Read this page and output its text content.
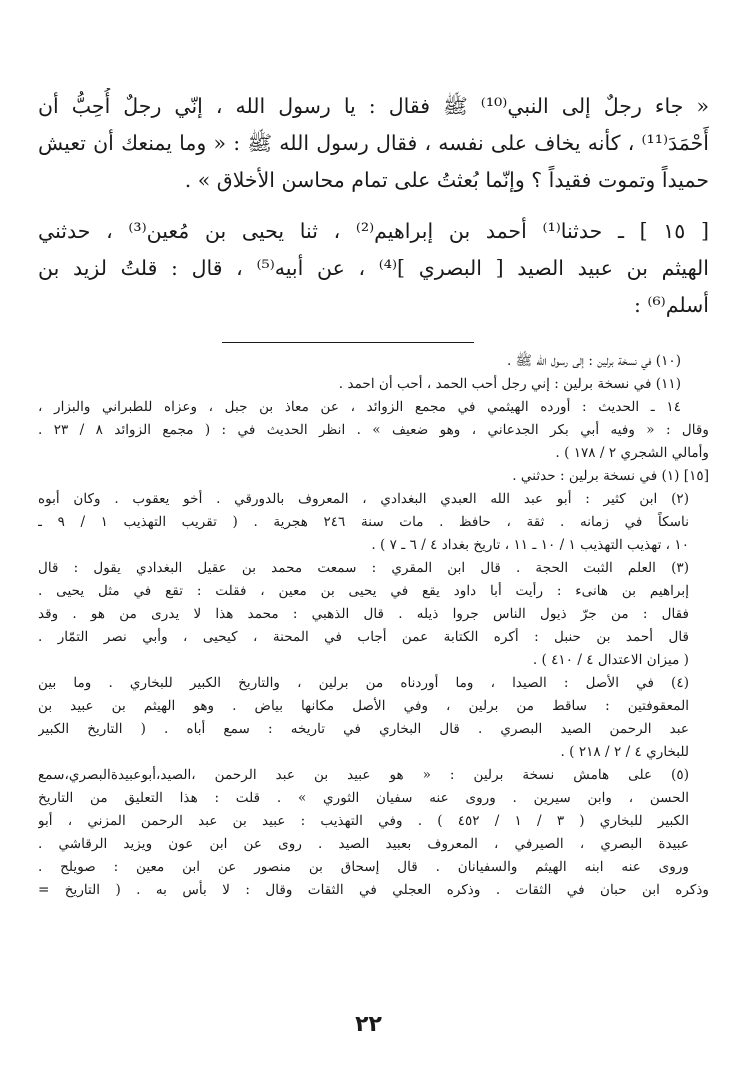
« جاء رجلٌ إلى النبي⁽¹⁰⁾ ﷺ فقال : يا رسول الله ، إنّي رجلٌ أُحِبُّ أن
أَحْمَدَ⁽¹¹⁾ ، كأنه يخاف على نفسه ، فقال رسول الله ﷺ : « وما يمنعك أن تعيش
حميداً وتموت فقيداً ؟ وإنّما بُعثتُ على تمام محاسن الأخلاق » .
[ ١٥ ] ـ حدثنا⁽¹⁾ أحمد بن إبراهيم⁽²⁾ ، ثنا يحيى بن مُعين⁽³⁾ ، حدثني
الهيثم بن عبيد الصيد [ البصري ]⁽⁴⁾ ، عن أبيه⁽⁵⁾ ، قال : قلتُ لزيد بن
أسلم⁽⁶⁾ :
(١٠) في نسخة برلين : إلى رسول الله ﷺ .
(١١) في نسخة برلين : إني رجل أحب الحمد ، أحب أن احمد .
١٤ ـ الحديث : أورده الهيثمي في مجمع الزوائد ، عن معاذ بن جبل ، وعزاه للطبراني والبزار ،
وقال : « وفيه أبي بكر الجدعاني ، وهو ضعيف » . انظر الحديث في : ( مجمع الزوائد ٨ / ٢٣ .
وأمالي الشجري ٢ / ١٧٨ ) .
[١٥] (١) في نسخة برلين : حدثني .
(٢) ابن كثير : أبو عبد الله العبدي البغدادي ، المعروف بالدورقي . أخو يعقوب . وكان أبوه
ناسكاً في زمانه . ثقة ، حافظ . مات سنة ٢٤٦ هجرية . ( تقريب التهذيب ١ / ٩ ـ
١٠ ، تهذيب التهذيب ١ / ١٠ ـ ١١ ، تاريخ بغداد ٤ / ٦ ـ ٧ ) .
(٣) العلم الثبت الحجة . قال ابن المقري : سمعت محمد بن عقيل البغدادي يقول : قال
إبراهيم بن هانىء : رأيت أبا داود يقع في يحيى بن معين ، فقلت : تقع في مثل يحيى .
فقال : من جرّ ذيول الناس جروا ذيله . قال الذهبي : محمد هذا لا يدرى من هو . وقد
قال أحمد بن حنبل : أكره الكتابة عمن أجاب في المحنة ، كيحيى ، وأبي نصر التمّار .
( ميزان الاعتدال ٤ / ٤١٠ ) .
(٤) في الأصل : الصيدا ، وما أوردناه من برلين ، والتاريخ الكبير للبخاري . وما بين
المعقوفتين : ساقط من برلين ، وفي الأصل مكانها بياض . وهو الهيثم بن عبيد بن
عبد الرحمن الصيد البصري . قال البخاري في تاريخه : سمع أباه . ( التاريخ الكبير
للبخاري ٤ / ٢ / ٢١٨ ) .
(٥) على هامش نسخة برلين : « هو عبيد بن عبد الرحمن ،الصيد،أبوعبيدةالبصري،سمع
الحسن ، وابن سيرين . وروى عنه سفيان الثوري » . قلت : هذا التعليق من التاريخ
الكبير للبخاري ( ٣ / ١ / ٤٥٢ ) . وفي التهذيب : عبيد بن عبد الرحمن المزني ، أبو
عبيدة البصري ، الصيرفي ، المعروف بعبيد الصيد . روى عن ابن عون ويزيد الرقاشي .
وروى عنه ابنه الهيثم والسفيانان . قال إسحاق بن منصور عن ابن معين : صويلح .
وذكره ابن حبان في الثقات . وذكره العجلي في الثقات وقال : لا بأس به . ( التاريخ =
٢٢
